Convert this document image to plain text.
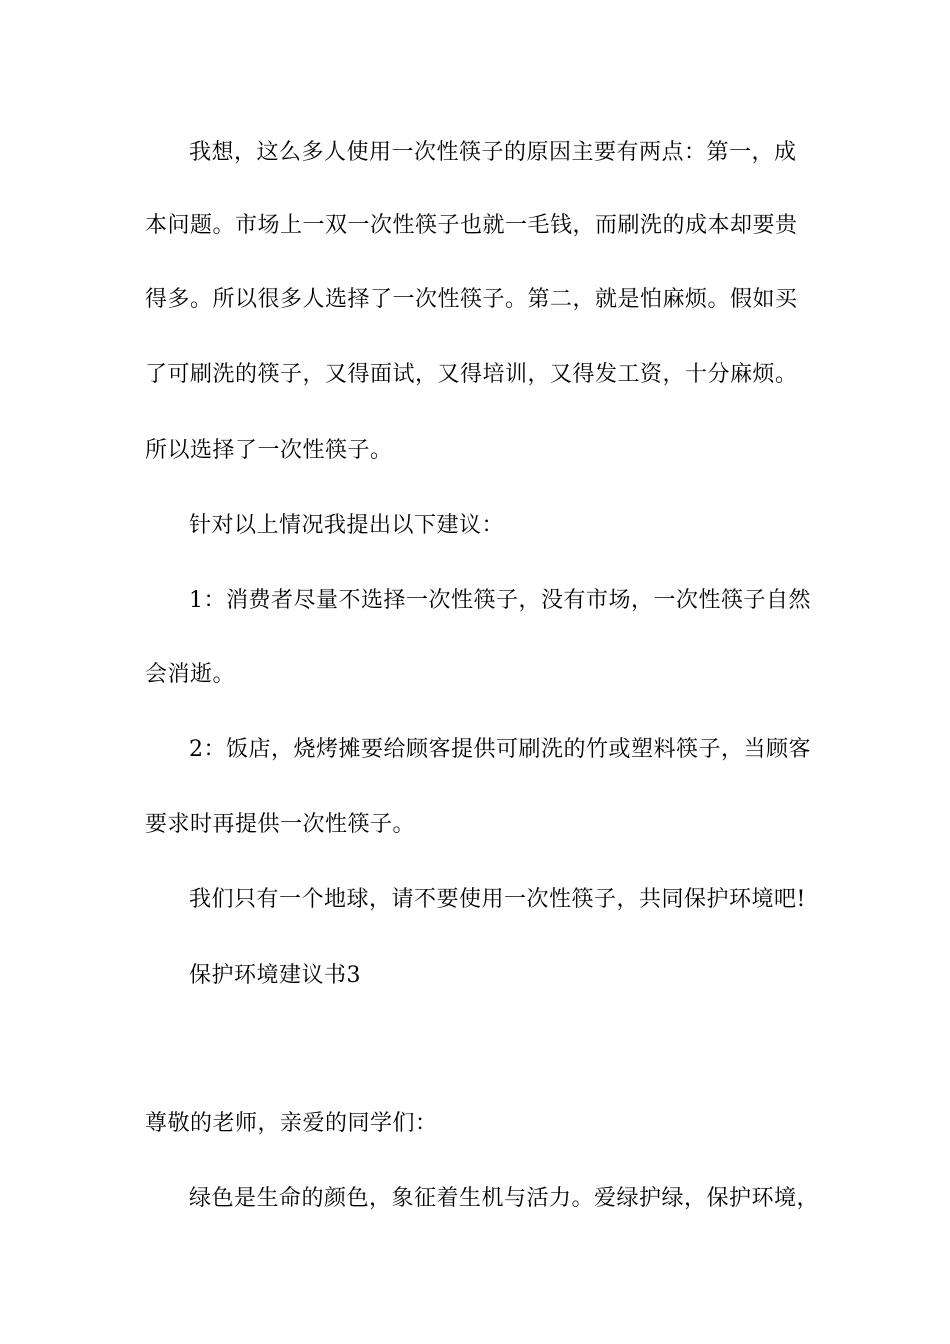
我想，这么多人使用一次性筷子的原因主要有两点：第一，成

本问题。市场上一双一次性筷子也就一毛钱，而刷洗的成本却要贵

得多。所以很多人选择了一次性筷子。第二，就是怕麻烦。假如买

了可刷洗的筷子，又得面试，又得培训，又得发工资，十分麻烦。

所以选择了一次性筷子。

针对以上情况我提出以下建议：

1：消费者尽量不选择一次性筷子，没有市场，一次性筷子自然

会消逝。

2：饭店，烧烤摊要给顾客提供可刷洗的竹或塑料筷子，当顾客

要求时再提供一次性筷子。

我们只有一个地球，请不要使用一次性筷子，共同保护环境吧!

保护环境建议书3

尊敬的老师，亲爱的同学们：

绿色是生命的颜色，象征着生机与活力。爱绿护绿，保护环境，
